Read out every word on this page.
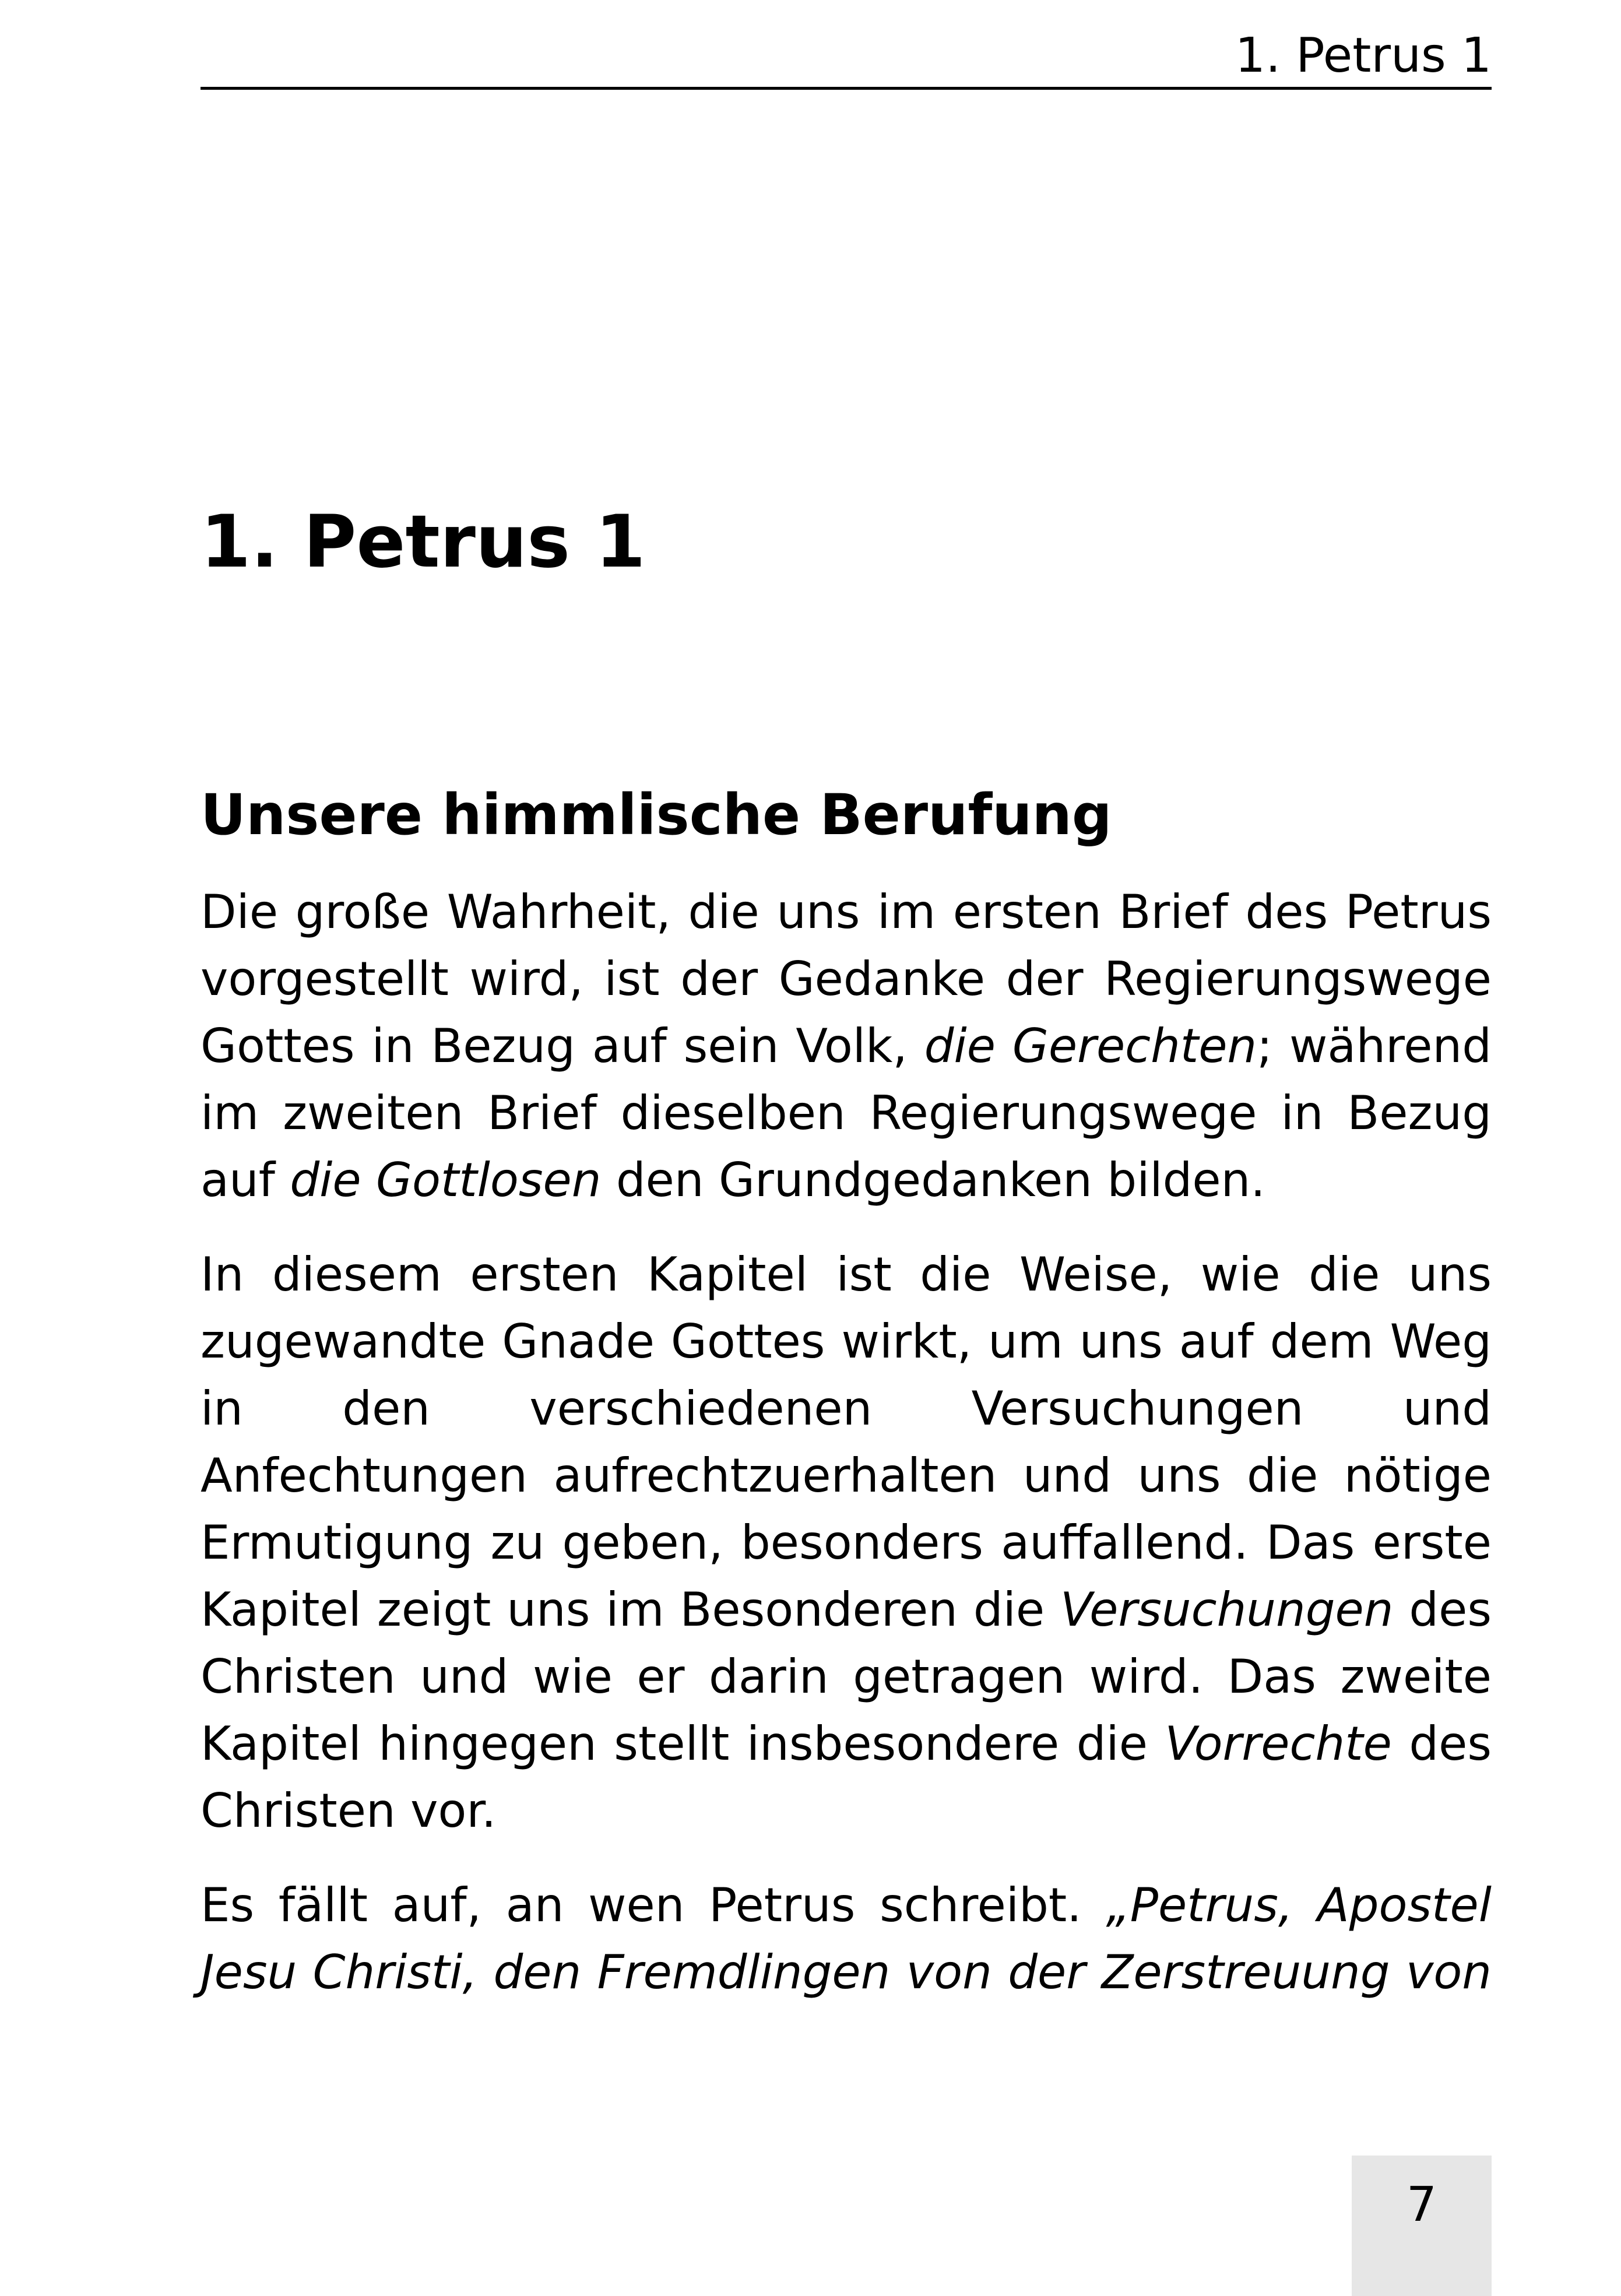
1. Petrus 1
1. Petrus 1
Unsere himmlische Berufung

Die große Wahrheit, die uns im ersten Brief des Petrus vorgestellt wird, ist der Gedanke der Regierungswege Gottes in Bezug auf sein Volk, die Gerechten; während im zweiten Brief dieselben Regierungswege in Bezug auf die Gottlosen den Grundgedanken bilden.

In diesem ersten Kapitel ist die Weise, wie die uns zugewandte Gnade Gottes wirkt, um uns auf dem Weg in den verschiedenen Versuchungen und Anfechtungen aufrechtzuerhalten und uns die nötige Ermutigung zu geben, besonders auffallend. Das erste Kapitel zeigt uns im Besonderen die Versuchungen des Christen und wie er darin getragen wird. Das zweite Kapitel hingegen stellt insbesondere die Vorrechte des Christen vor.

Es fällt auf, an wen Petrus schreibt. „Petrus, Apostel Jesu Christi, den Fremdlingen von der Zerstreuung von

7
